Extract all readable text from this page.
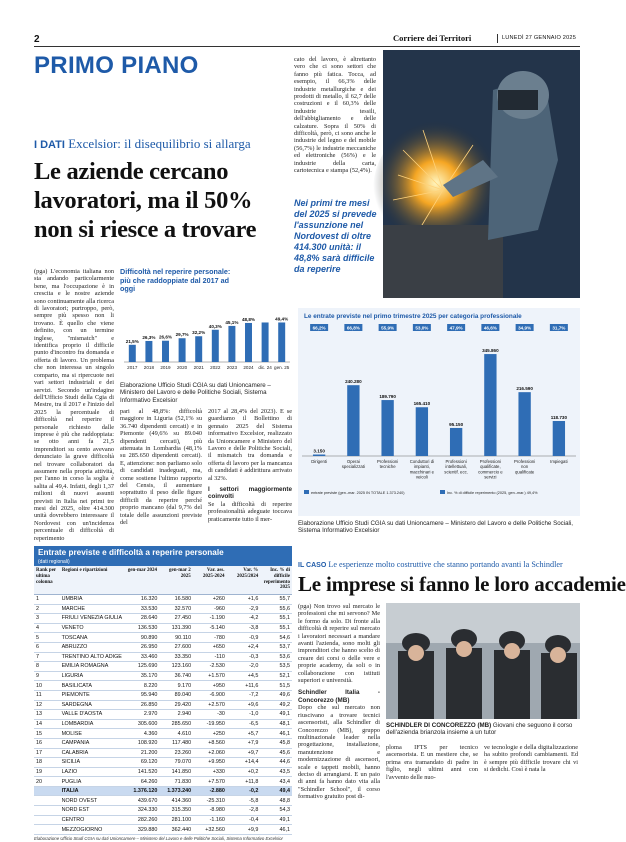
2	Corriere dei Territori	LUNEDÌ 27 GENNAIO 2025
PRIMO PIANO
I DATI Excelsior: il disequilibrio si allarga
Le aziende cercano lavoratori, ma il 50% non si riesce a trovare

(pga) L'economia italiana non sta andando particolarmente bene, ma l'occupazione è in crescita e le nostre aziende sono continuamente alla ricerca di lavoratori; purtroppo, però, sempre più spesso non li trovano. È quello che viene definito, con un termine inglese, "mismatch" e identifica proprio il difficile punto d'incontro fra domanda e offerta di lavoro. Un problema che non interessa un singolo comparto, ma si ripercuote nei vari settori industriali e dei servizi. Secondo un'indagine dell'Ufficio Studi della Cgia di Mestre, tra il 2017 e l'inizio del 2025 la percentuale di difficoltà nel reperire il personale richiesto dalle imprese è più che raddoppiata: se otto anni fa 21,5 imprenditori su cento avevano denunciato la grave difficoltà nel trovare collaboratori da assumere nella propria attività, per l'anno in corso la soglia è salita al 49,4. Infatti, degli 1,37 milioni di nuovi assunti previsti in Italia nei primi tre mesi del 2025, oltre 414.300 unità dovrebbero interessare il Nordovest con un'incidenza percentuale di difficoltà di reperimento

Difficoltà nel reperire personale: più che raddoppiate dal 2017 ad oggi
21,5%
2017
26,3%
2018
26,6%
2019
29,7%
2020
32,2%
2021
40,3%
2022
45,1%
2023
48,8%
2024 dic. 24
49,4%
gen. 25
Elaborazione Ufficio Studi CGIA su dati Unioncamere – Ministero del Lavoro e delle Politiche Sociali, Sistema Informativo Excelsior

pari al 48,8%: difficoltà maggiore in Liguria (52,1% su 36.740 dipendenti cercati) e in Piemonte (49,6% su 89.040 dipendenti cercati), più attenuata in Lombardia (48,1% su 285.650 dipendenti cercati). E, attenzione: non parliamo solo di candidati inadeguati, ma, come sostiene l'ultimo rapporto del Censis, il aumentare soprattutto il peso delle figure difficili da reperire perché proprio mancano (dal 9,7% del totale delle assunzioni previste del

2017 al 28,4% del 2023). E se guardiamo il Bollettino di gennaio 2025 del Sistema informativo Excelsior, realizzato da Unioncamere e Ministero del Lavoro e delle Politiche Sociali, il mismatch tra domanda e offerta di lavoro per la mancanza di candidati è addirittura arrivato al 32%.

I settori maggiormente coinvolti

Se la difficoltà di reperire professionalità adeguate toccava praticamente tutto il mer-

cato del lavoro, è altrettanto vero che ci sono settori che fanno più fatica. Tocca, ad esempio, il 66,3% delle industrie metallurgiche e dei prodotti di metallo, il 62,7 delle costruzioni e il 60,3% delle industrie tessili, dell'abbigliamento e delle calzature. Sopra il 50% di difficoltà, però, ci sono anche le industrie del legno e del mobile (56,7%) le industrie meccaniche ed elettroniche (56%) e le industrie della carta, cartotecnica e stampa (52,4%).

Nei primi tre mesi del 2025 si prevede l'assunzione nel Nordovest di oltre 414.300 unità: il 48,8% sarà difficile da reperire
Le entrate previste nel primo trimestre 2025 per categoria professionale
66,2%
3.150
Dirigenti
66,8%
240.280
Operai
specializzati
55,9%
189.790
Professioni
tecniche
53,0%
165.410
Conduttori di
impianti,
macchinari e
veicoli
47,9%
95.150
Professioni
intellettuali,
scientif. ecc.
46,6%
345.860
Professioni
qualificate,
commercio e
servizi
34,9%
216.590
Professioni
non
qualificate
31,7%
118.730
Impiegati
entrate previste (gen.-mar. 2025 IN TOTALE 1.373.240)	Inc. % di difficile reperimento (2025, gen.-mar.) 49,4%
Elaborazione Ufficio Studi CGIA su dati Unioncamere – Ministero del Lavoro e delle Politiche Sociali, Sistema Informativo Excelsior
Entrate previste e difficoltà a reperire personale
(dati regionali)
Rank per ultima colonna
Regioni e ripartizioni	gen-mar 2024	gen-mar 2 2025
Var. ass. 2025-2024
Var. % 2025/2024
Inc. % di difficile reperimento 2025
1	UMBRIA	16.320	16.580	+260	+1,6	55,7
2	MARCHE	33.530	32.570	-960	-2,9	55,6
3	FRIULI VENEZIA GIULIA	28.640	27.450	-1.190	-4,2	55,1
4	VENETO	136.530	131.390	-5.140	-3,8	55,1
5	TOSCANA	90.890	90.110	-780	-0,9	54,6
6	ABRUZZO	26.950	27.600	+650	+2,4	53,7
7	TRENTINO ALTO ADIGE	33.460	33.350	-110	-0,3	53,6
8	EMILIA ROMAGNA	125.690	123.160	-2.530	-2,0	53,5
9	LIGURIA	35.170	36.740	+1.570	+4,5	52,1
10	BASILICATA	8.220	9.170	+950	+11,6	51,5
11	PIEMONTE	95.940	89.040	-6.900	-7,2	49,6
12	SARDEGNA	26.850	29.420	+2.570	+9,6	49,2
13	VALLE D'AOSTA	2.970	2.940	-30	-1,0	49,1
14	LOMBARDIA	305.600	285.650	-19.950	-6,5	48,1
15	MOLISE	4.360	4.610	+250	+5,7	46,1
16	CAMPANIA	108.920	117.480	+8.560	+7,9	45,8
17	CALABRIA	21.200	23.260	+2.060	+9,7	45,6
18	SICILIA	69.120	79.070	+9.950	+14,4	44,6
19	LAZIO	141.520	141.850	+330	+0,2	43,5
20	PUGLIA	64.260	71.830	+7.570	+11,8	43,4
	ITALIA	1.376.120	1.373.240	-2.880	-0,2	49,4
	NORD OVEST	439.670	414.360	-25.310	-5,8	48,8
	NORD EST	324.330	315.350	-8.980	-2,8	54,3
	CENTRO	282.260	281.100	-1.160	-0,4	49,1
	MEZZOGIORNO	329.880	362.440	+32.560	+9,9	46,1
Elaborazione Ufficio Studi CGIA su dati Unioncamere – Ministero del Lavoro e delle Politiche Sociali, Sistema Informativo Excelsior
IL CASO Le esperienze molto costruttive che stanno portando avanti la Schindler
Le imprese si fanno le loro accademie

(pga) Non trovo sul mercato le professioni che mi servono? Me le formo da solo. Di fronte alla difficoltà di reperire sul mercato i lavoratori necessari a mandare avanti l'azienda, sono molti gli imprenditori che hanno scelto di creare dei corsi o delle vere e proprie academy, da soli o in collaborazione con istituti superiori e università.

Schindler Italia - Concorezzo (MB)

Dopo che sul mercato non riuscivano a trovare tecnici ascensoristi, alla Schindler di Concorezzo (MB), gruppo multinazionale leader nella progettazione, installazione, manutenzione e modernizzazione di ascensori, scale e tappeti mobili, hanno deciso di arrangiarsi. E un paio di anni fa hanno dato vita alla "Schindler School", il corso formativo gratuito post di-

SCHINDLER DI CONCOREZZO (MB) Giovani che seguono il corso dell'azienda brianzola insieme a un tutor

ploma IFTS per tecnico ascensorista. E un mestiere che, se prima era tramandato di padre in figlio, negli ultimi anni con l'avvento delle nuo-

ve tecnologie e della digitalizzazione ha subito profondi cambiamenti. Ed è sempre più difficile trovare chi vi si dedichi. Così è nata la
